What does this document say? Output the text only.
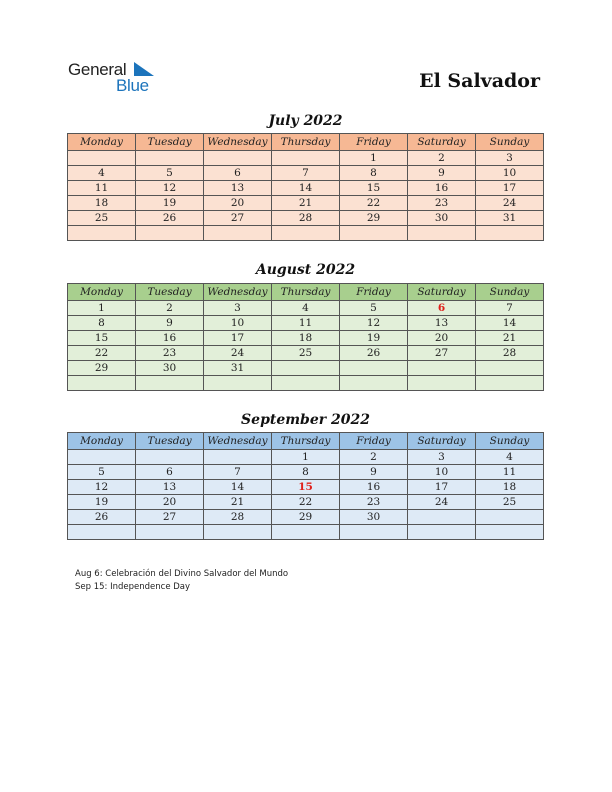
General
Blue	El Salvador
July 2022
Monday	Tuesday	Wednesday	Thursday	Friday	Saturday	Sunday
				1	2	3
4	5	6	7	8	9	10
11	12	13	14	15	16	17
18	19	20	21	22	23	24
25	26	27	28	29	30	31

August 2022
Monday	Tuesday	Wednesday	Thursday	Friday	Saturday	Sunday
1	2	3	4	5	6	7
8	9	10	11	12	13	14
15	16	17	18	19	20	21
22	23	24	25	26	27	28
29	30	31				

September 2022
Monday	Tuesday	Wednesday	Thursday	Friday	Saturday	Sunday
			1	2	3	4
5	6	7	8	9	10	11
12	13	14	15	16	17	18
19	20	21	22	23	24	25
26	27	28	29	30		

Aug 6: Celebración del Divino Salvador del Mundo
Sep 15: Independence Day
